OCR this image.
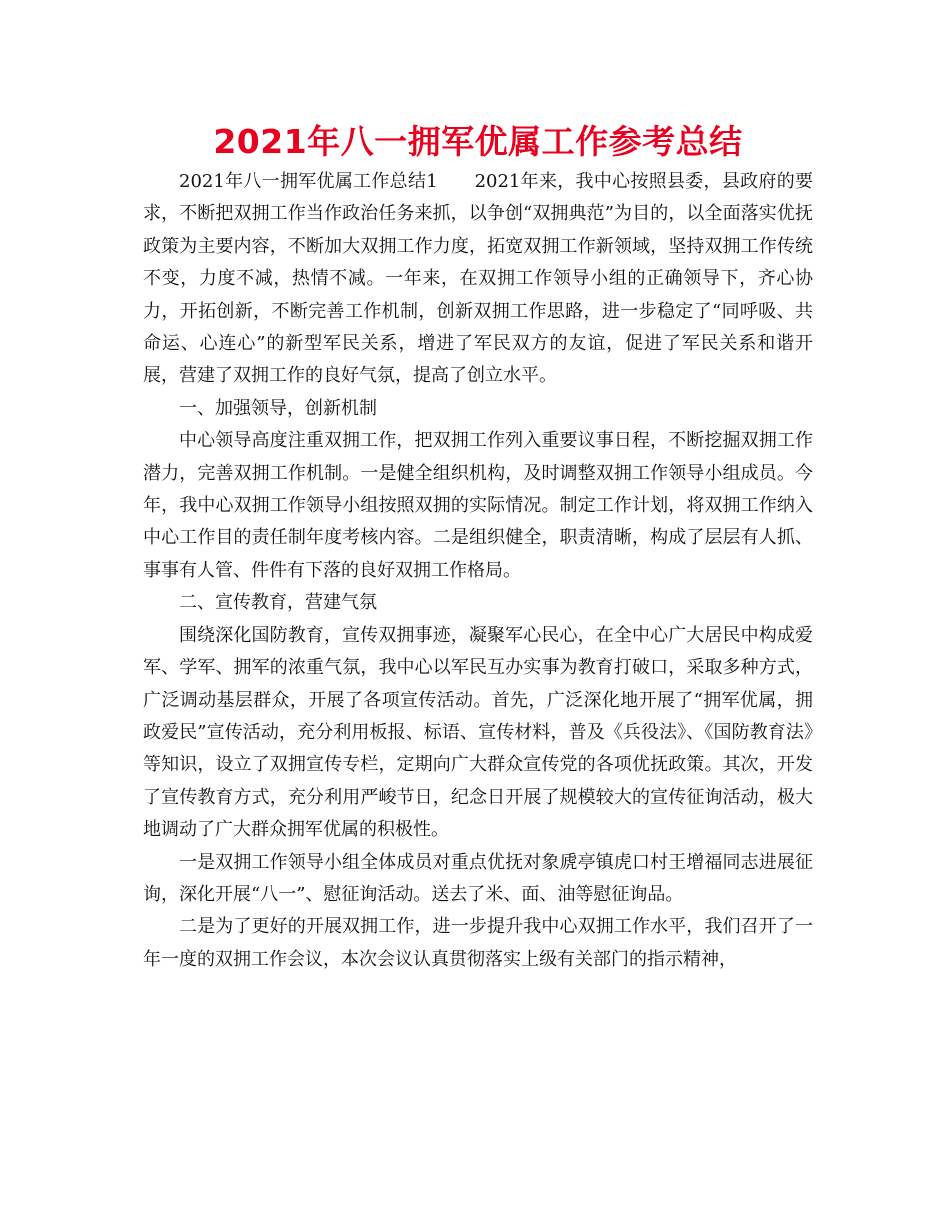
2021年八一拥军优属工作参考总结

2021年八一拥军优属工作总结1　　2021年来，我中心按照县委，县政府的要求，不断把双拥工作当作政治任务来抓，以争创“双拥典范”为目的，以全面落实优抚政策为主要内容，不断加大双拥工作力度，拓宽双拥工作新领域，坚持双拥工作传统不变，力度不减，热情不减。一年来，在双拥工作领导小组的正确领导下，齐心协力，开拓创新，不断完善工作机制，创新双拥工作思路，进一步稳定了“同呼吸、共命运、心连心”的新型军民关系，增进了军民双方的友谊，促进了军民关系和谐开展，营建了双拥工作的良好气氛，提高了创立水平。

一、加强领导，创新机制

中心领导高度注重双拥工作，把双拥工作列入重要议事日程，不断挖掘双拥工作潜力，完善双拥工作机制。一是健全组织机构，及时调整双拥工作领导小组成员。今年，我中心双拥工作领导小组按照双拥的实际情况。制定工作计划，将双拥工作纳入中心工作目的责任制年度考核内容。二是组织健全，职责清晰，构成了层层有人抓、事事有人管、件件有下落的良好双拥工作格局。

二、宣传教育，营建气氛

围绕深化国防教育，宣传双拥事迹，凝聚军心民心，在全中心广大居民中构成爱军、学军、拥军的浓重气氛，我中心以军民互办实事为教育打破口，采取多种方式，广泛调动基层群众，开展了各项宣传活动。首先，广泛深化地开展了“拥军优属，拥政爱民”宣传活动，充分利用板报、标语、宣传材料，普及《兵役法》、《国防教育法》等知识，设立了双拥宣传专栏，定期向广大群众宣传党的各项优抚政策。其次，开发了宣传教育方式，充分利用严峻节日，纪念日开展了规模较大的宣传征询活动，极大地调动了广大群众拥军优属的积极性。

一是双拥工作领导小组全体成员对重点优抚对象虒亭镇虎口村王增福同志进展征询，深化开展“八一”、慰征询活动。送去了米、面、油等慰征询品。

二是为了更好的开展双拥工作，进一步提升我中心双拥工作水平，我们召开了一年一度的双拥工作会议，本次会议认真贯彻落实上级有关部门的指示精神，
